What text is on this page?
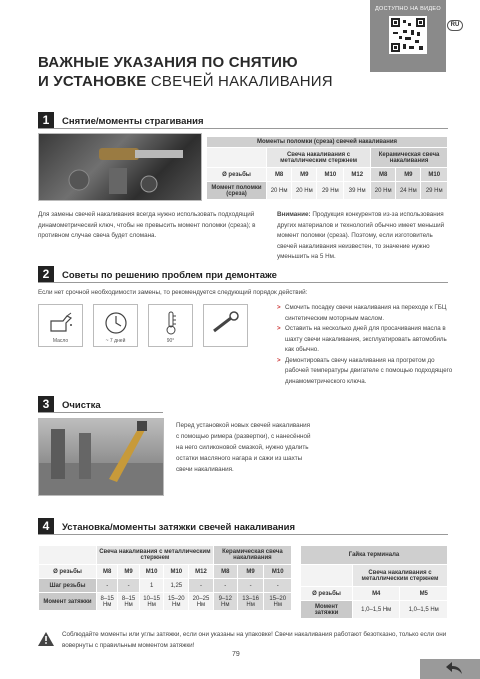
ДОСТУПНО НА ВИДЕО
RU
ВАЖНЫЕ УКАЗАНИЯ ПО СНЯТИЮ
И УСТАНОВКЕ СВЕЧЕЙ НАКАЛИВАНИЯ
1	Снятие/моменты страгивания
Моменты поломки (среза) свечей накаливания							
	Свеча накаливания с металлическим стержнем				Керамическая свеча накаливания		
Ø резьбы	M8	M9	M10	M12	M8	M9	M10
Момент поломки (среза)	20 Нм	20 Нм	29 Нм	39 Нм	20 Нм	24 Нм	29 Нм
Для замены свечей накаливания всегда нужно использовать подходящий динамометрический ключ, чтобы не превысить момент поломки (среза); в противном случае свеча будет сломана.
Внимание: Продукция конкурентов из-за использования других материалов и технологий обычно имеет меньший момент поломки (среза). Поэтому, если изготовитель свечей накаливания неизвестен, то значение нужно уменьшить на 5 Нм.
2	Советы по решению проблем при демонтаже
Если нет срочной необходимости замены, то рекомендуется следующий порядок действий:
Масло	~ 7 дней	90°
> Смочить посадку свечи накаливания на переходе к ГБЦ синтетическим моторным маслом.
> Оставить на несколько дней для просачивания масла в шахту свечи накаливания, эксплуатировать автомобиль как обычно.
> Демонтировать свечу накаливания на прогретом до рабочей температуры двигателе с помощью подходящего динамометрического ключа.
3	Очистка
Перед установкой новых свечей накаливания с помощью римера (развертки), с нанесённой на него силиконовой смазкой, нужно удалить остатки масляного нагара и сажи из шахты свечи накаливания.
4	Установка/моменты затяжки свечей накаливания
	Свеча накаливания с металлическим стержнем					Керамическая свеча накаливания		
Ø резьбы	M8	M9	M10	M10	M12	M8	M9	M10
Шаг резьбы	-	-	1	1,25	-	-	-	-
Момент затяжки	8–15 Нм	8–15 Нм	10–15 Нм	15–20 Нм	20–25 Нм	9–12 Нм	13–16 Нм	15–20 Нм
Гайка терминала		
	Свеча накаливания с металлическим стержнем	
Ø резьбы	M4	M5
Момент затяжки	1,0–1,5 Нм	1,0–1,5 Нм
Соблюдайте моменты или углы затяжки, если они указаны на упаковке! Свечи накаливания работают безотказно, только если они вовернуты с правильным моментом затяжки!
79
